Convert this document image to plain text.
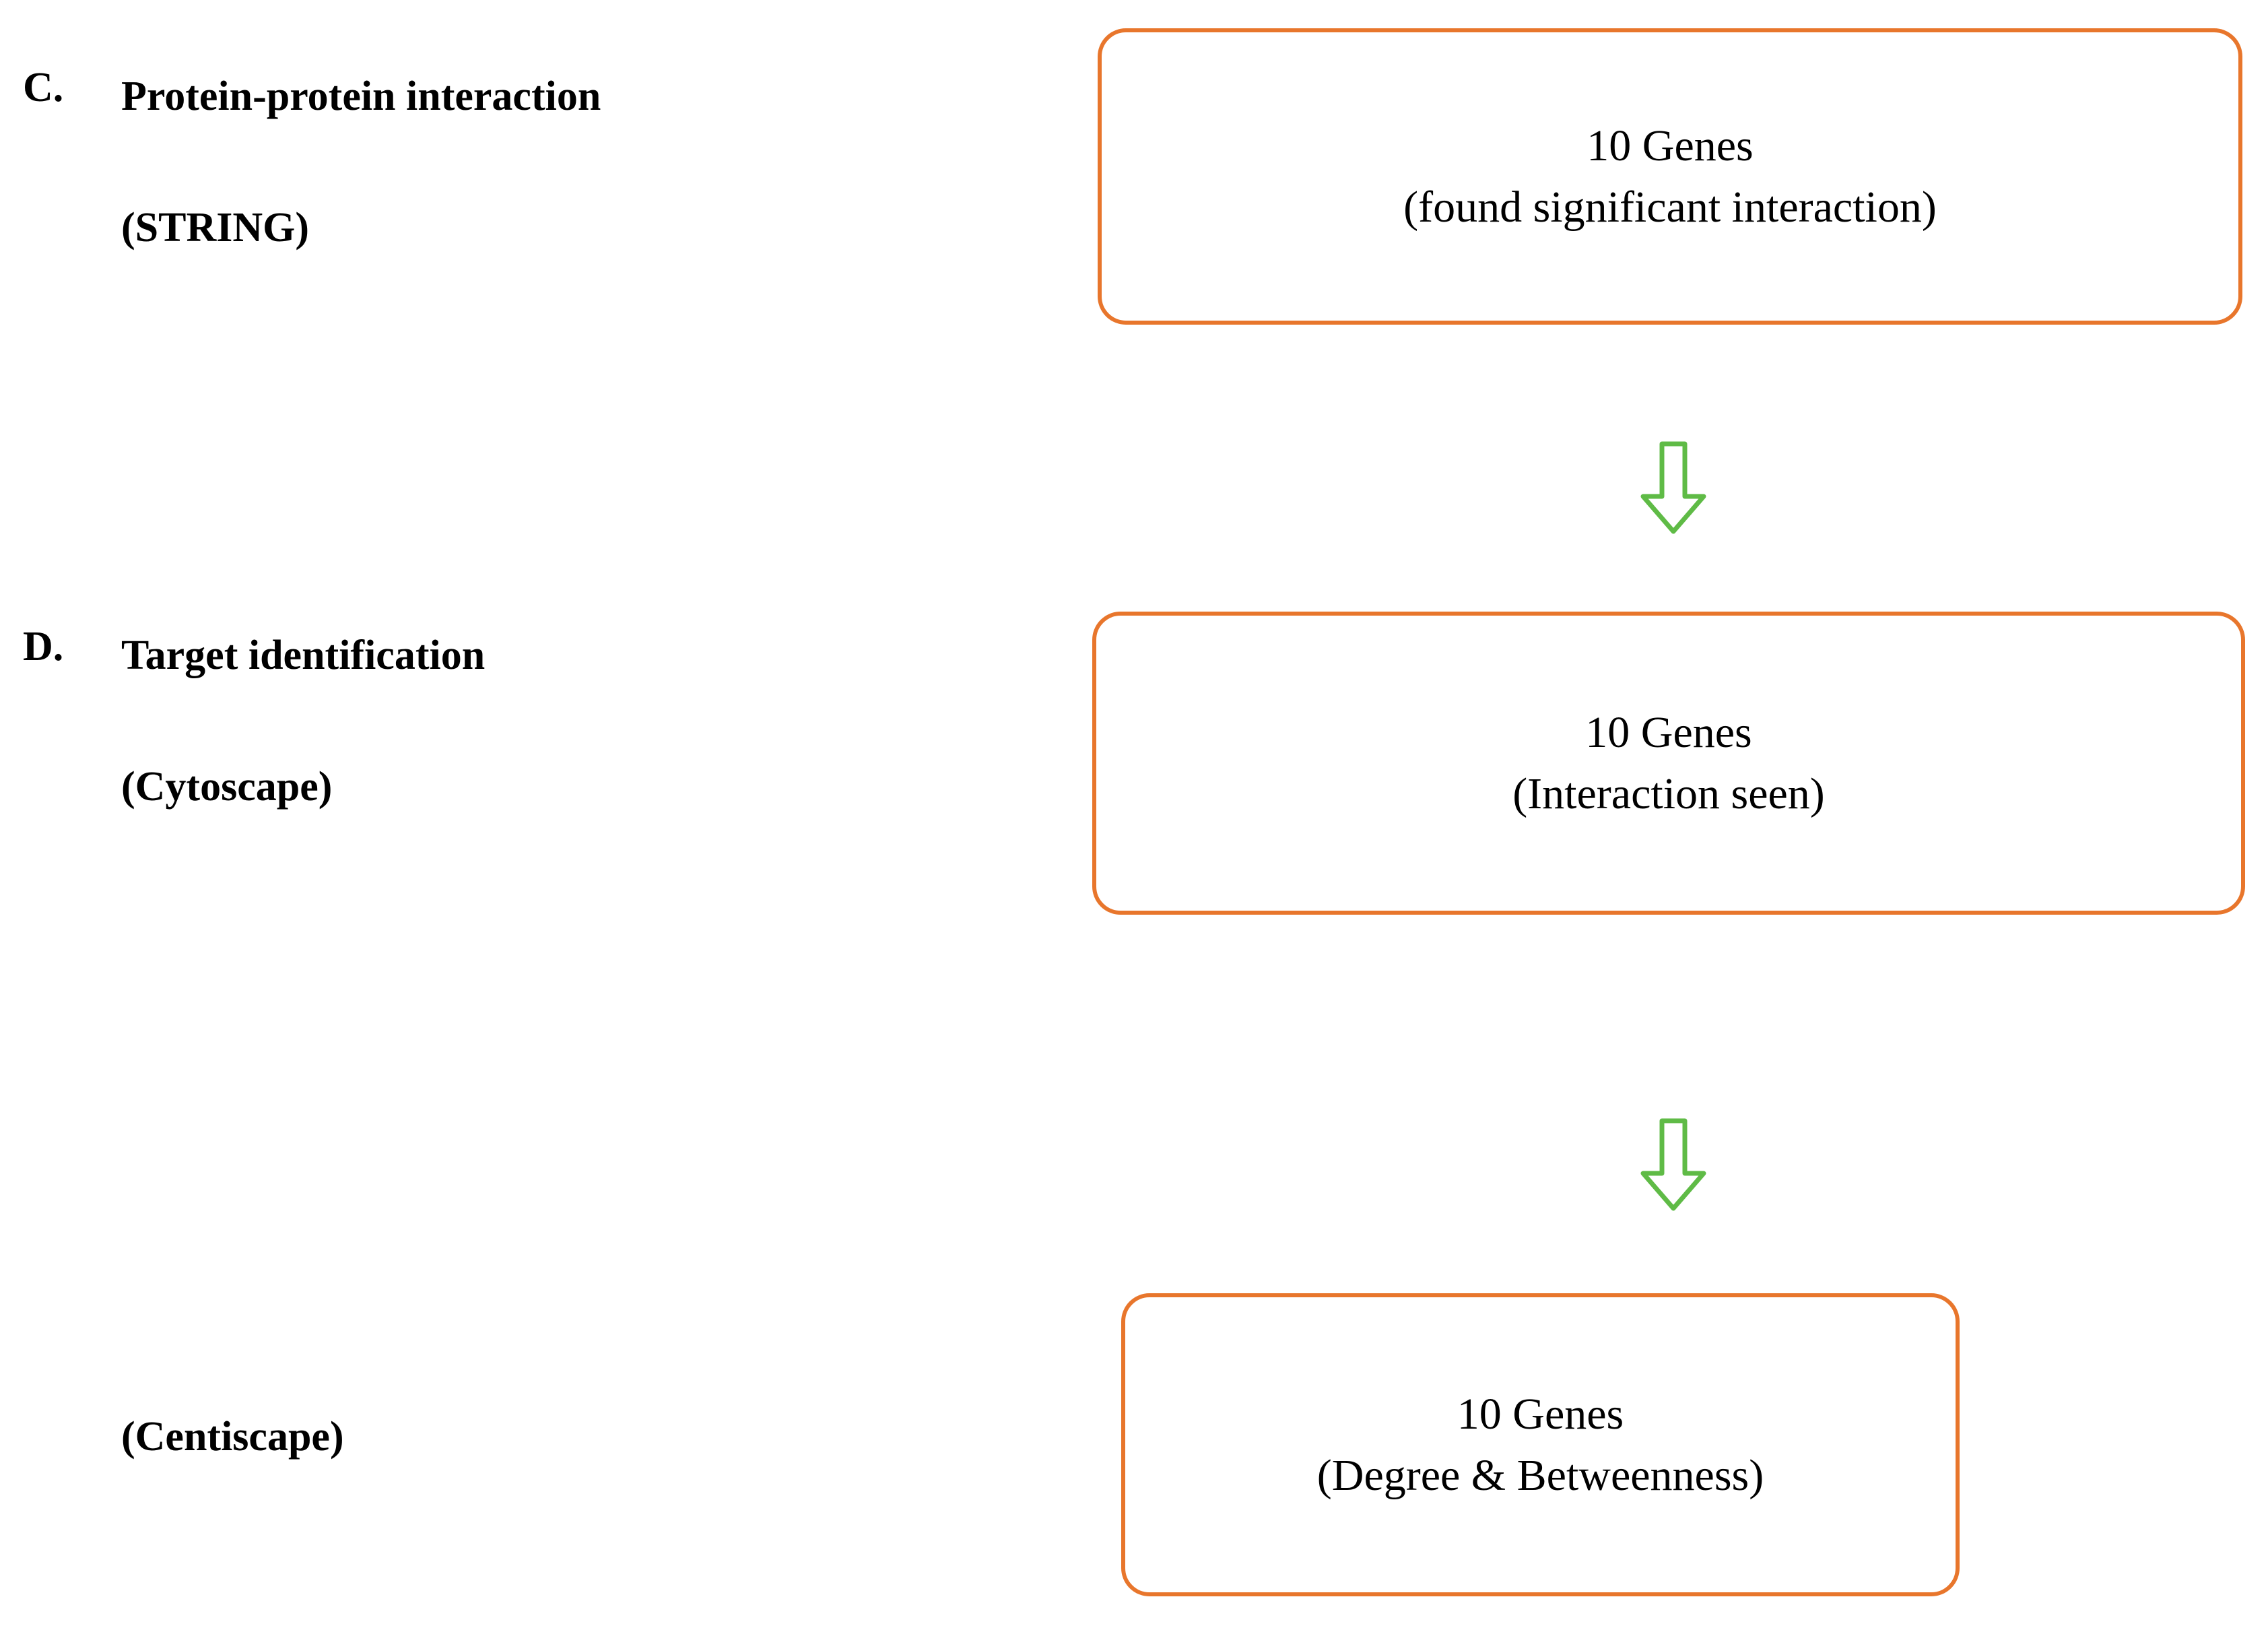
C. Protein-protein interaction
(STRING)
10 Genes
(found significant interaction)
D. Target identification
(Cytoscape)
10 Genes
(Interaction seen)
(Centiscape)	10 Genes
(Degree & Betweenness)
